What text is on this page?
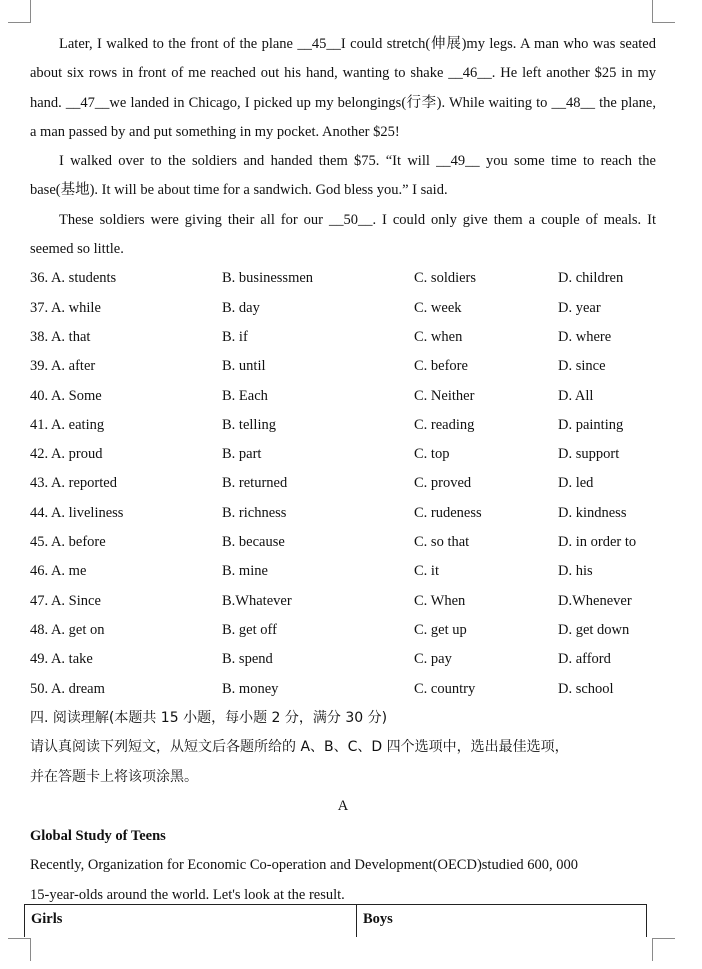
Later, I walked to the front of the plane __45__I could stretch(伸展)my legs. A man who was seated about six rows in front of me reached out his hand, wanting to shake __46__. He left another $25 in my hand. __47__we landed in Chicago, I picked up my belongings(行李). While waiting to __48__ the plane, a man passed by and put something in my pocket. Another $25!

I walked over to the soldiers and handed them $75. “It will __49__ you some time to reach the base(基地). It will be about time for a sandwich. God bless you.” I said.

These soldiers were giving their all for our __50__. I could only give them a couple of meals. It seemed so little.

36. A. students	B. businessmen	C. soldiers	D. children
37. A. while	B. day	C. week	D. year
38. A. that	B. if	C. when	D. where
39. A. after	B. until	C. before	D. since
40. A. Some	B. Each	C. Neither	D. All
41. A. eating	B. telling	C. reading	D. painting
42. A. proud	B. part	C. top	D. support
43. A. reported	B. returned	C. proved	D. led
44. A. liveliness	B. richness	C. rudeness	D. kindness
45. A. before	B. because	C. so that	D. in order to
46. A. me	B. mine	C. it	D. his
47. A. Since	B.Whatever	C. When	D.Whenever
48. A. get on	B. get off	C. get up	D. get down
49. A. take	B. spend	C. pay	D. afford
50. A. dream	B. money	C. country	D. school

四. 阅读理解(本题共 15 小题，每小题 2 分，满分 30 分)

请认真阅读下列短文，从短文后各题所给的 A、B、C、D 四个选项中，选出最佳选项，

并在答题卡上将该项涂黑。

A

Global Study of Teens

Recently, Organization for Economic Co-operation and Development(OECD)studied 600, 000

15-year-olds around the world. Let's look at the result.

Girls	Boys
